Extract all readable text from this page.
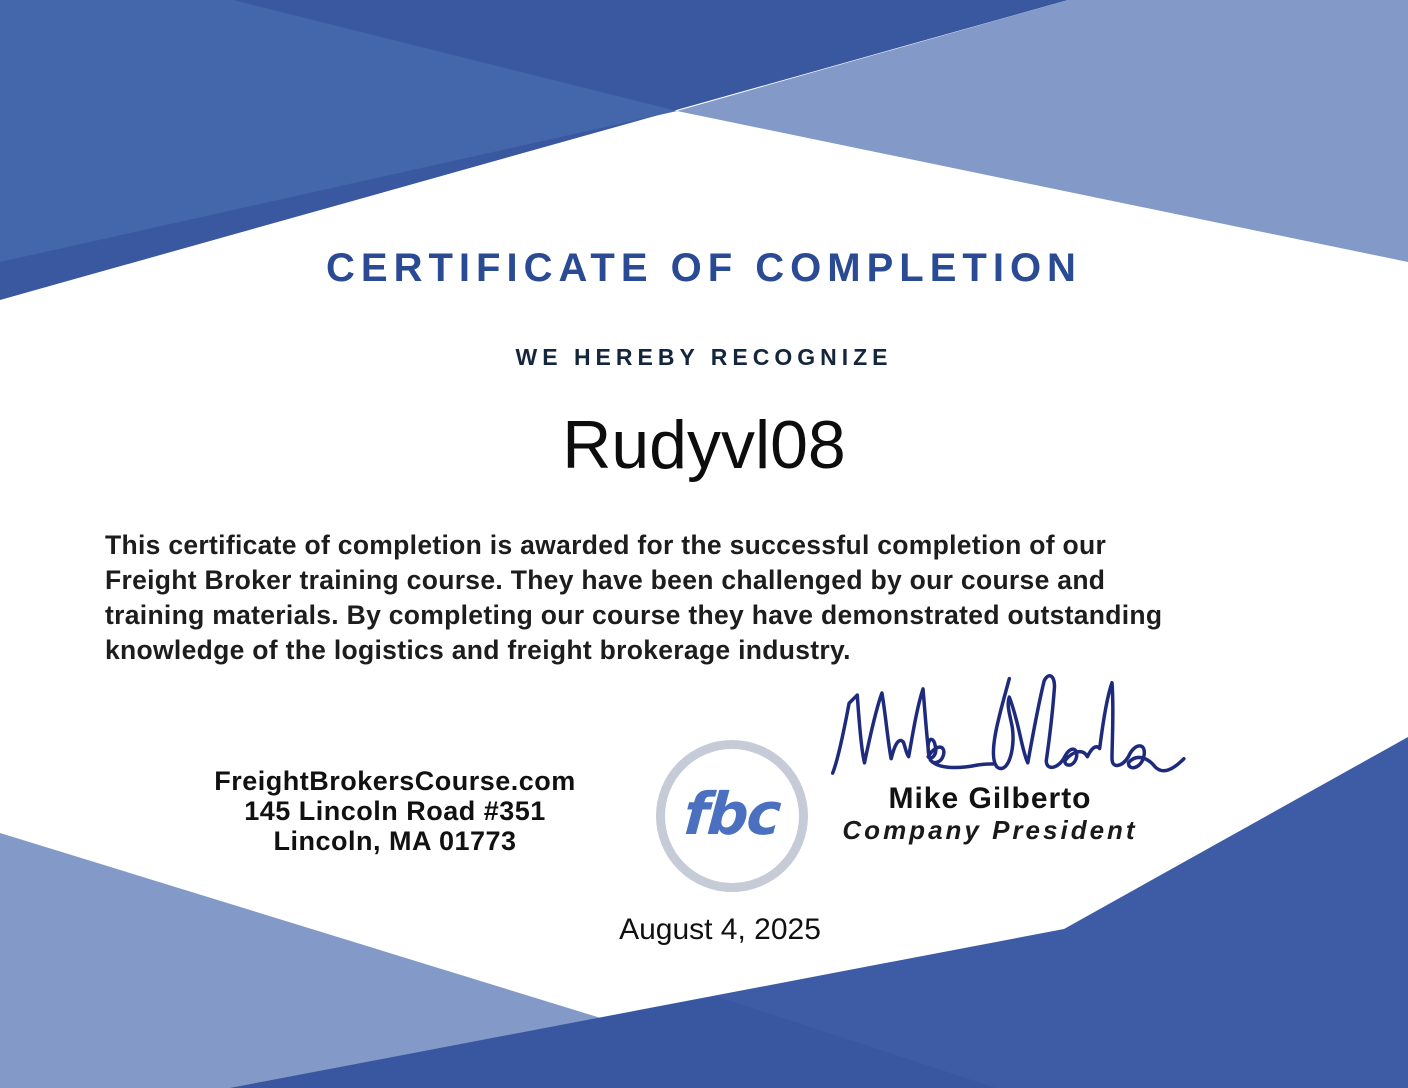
CERTIFICATE OF COMPLETION
WE HEREBY RECOGNIZE
Rudyvl08
This certificate of completion is awarded for the successful completion of our
Freight Broker training course. They have been challenged by our course and
training materials. By completing our course they have demonstrated outstanding
knowledge of the logistics and freight brokerage industry.
FreightBrokersCourse.com
145 Lincoln Road #351
Lincoln, MA 01773	fbc	Mike Gilberto
Company President
August 4, 2025
